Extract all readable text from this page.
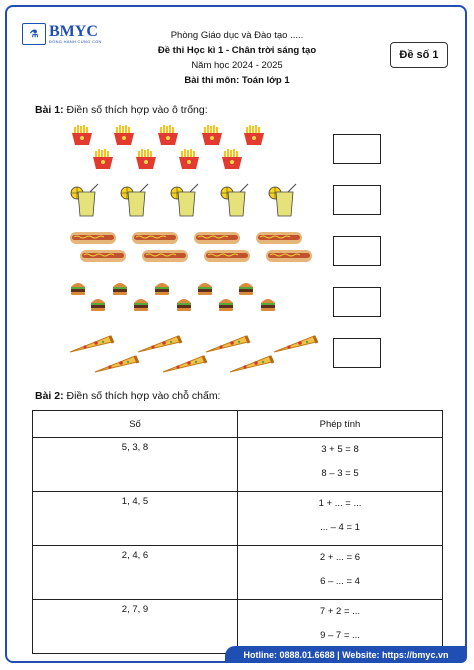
⚗ BMYC
ĐỒNG HÀNH CÙNG CON
Phòng Giáo dục và Đào tạo .....
Đề thi Học kì 1 - Chân trời sáng tạo
Năm học 2024 - 2025
Bài thi môn: Toán lớp 1
Đề số 1
Bài 1: Điền số thích hợp vào ô trống:
Bài 2: Điền số thích hợp vào chỗ chấm:
Số	Phép tính
5, 3, 8	3 + 5 = 8
8 – 3 = 5

1, 4, 5	1 + ... = ...
... – 4 = 1

2, 4, 6	2 + ... = 6
6 – ... = 4

2, 7, 9	7 + 2 = ...
9 – 7 = ...
Hotline: 0888.01.6688 | Website: https://bmyc.vn
